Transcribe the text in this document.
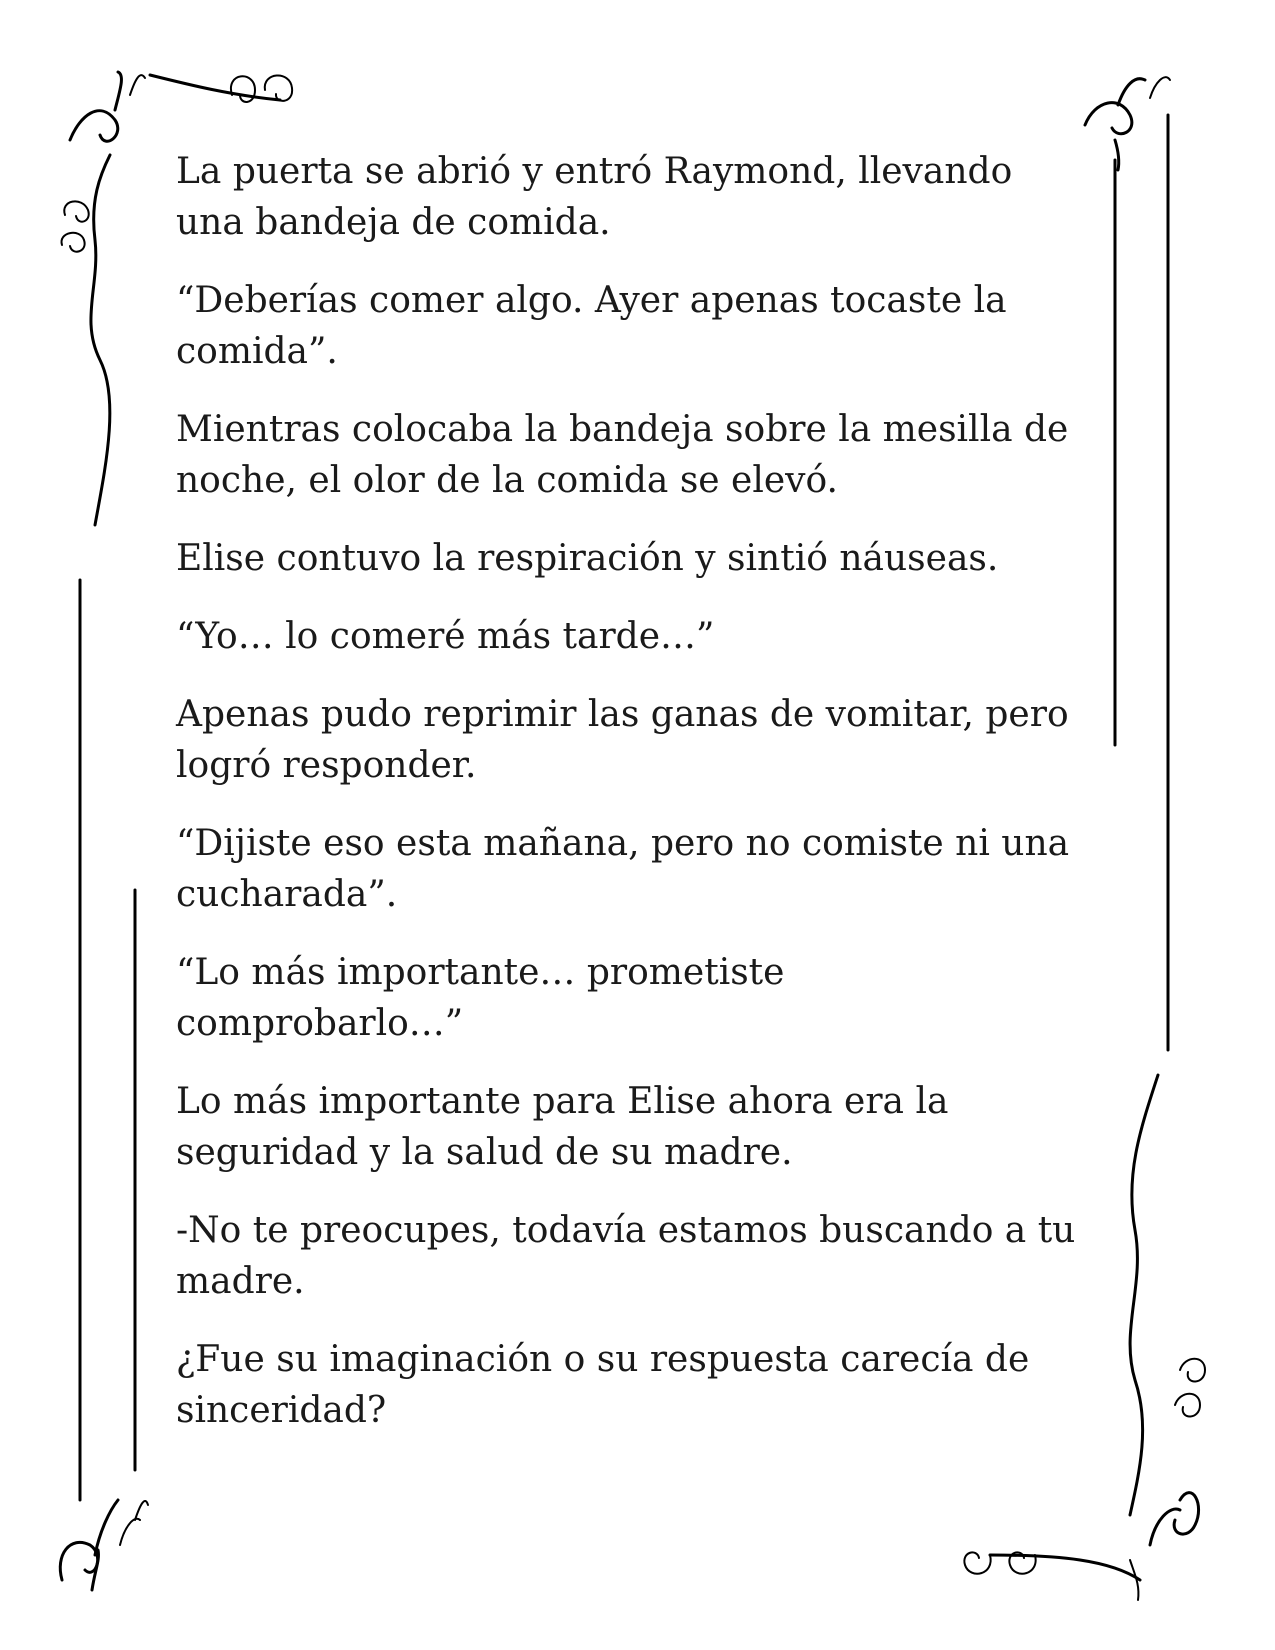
La puerta se abrió y entró Raymond, llevando una bandeja de comida.

“Deberías comer algo. Ayer apenas tocaste la comida”.

Mientras colocaba la bandeja sobre la mesilla de noche, el olor de la comida se elevó.

Elise contuvo la respiración y sintió náuseas.

“Yo… lo comeré más tarde…”

Apenas pudo reprimir las ganas de vomitar, pero logró responder.

“Dijiste eso esta mañana, pero no comiste ni una cucharada”.

“Lo más importante… prometiste comprobarlo…”

Lo más importante para Elise ahora era la seguridad y la salud de su madre.

-No te preocupes, todavía estamos buscando a tu madre.

¿Fue su imaginación o su respuesta carecía de sinceridad?
